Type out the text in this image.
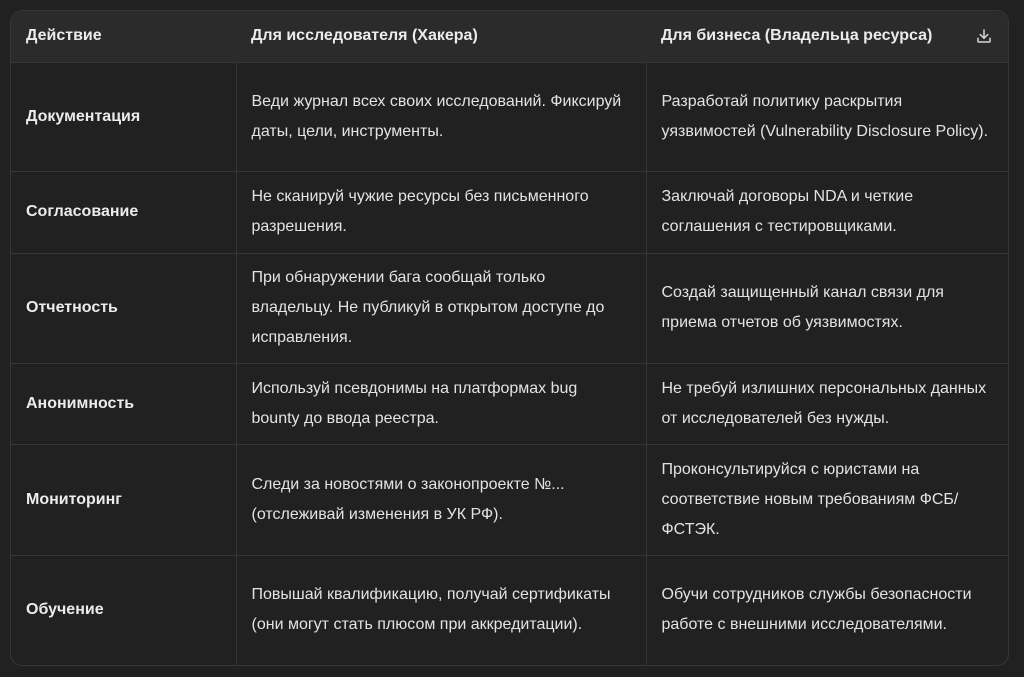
Действие	Для исследователя (Хакера)	Для бизнеса (Владельца ресурса)

Документация	Веди журнал всех своих исследований. Фиксируй даты, цели, инструменты.	Разработай политику раскрытия уязвимостей (Vulnerability Disclosure Policy).
Согласование	Не сканируй чужие ресурсы без письменного разрешения.	Заключай договоры NDA и четкие соглашения с тестировщиками.
Отчетность	При обнаружении бага сообщай только владельцу. Не публикуй в открытом доступе до исправления.	Создай защищенный канал связи для приема отчетов об уязвимостях.
Анонимность	Используй псевдонимы на платформах bug bounty до ввода реестра.	Не требуй излишних персональных данных от исследователей без нужды.
Мониторинг	Следи за новостями о законопроекте №... (отслеживай изменения в УК РФ).	Проконсультируйся с юристами на соответствие новым требованиям ФСБ/ФСТЭК.
Обучение	Повышай квалификацию, получай сертификаты (они могут стать плюсом при аккредитации).	Обучи сотрудников службы безопасности работе с внешними исследователями.
